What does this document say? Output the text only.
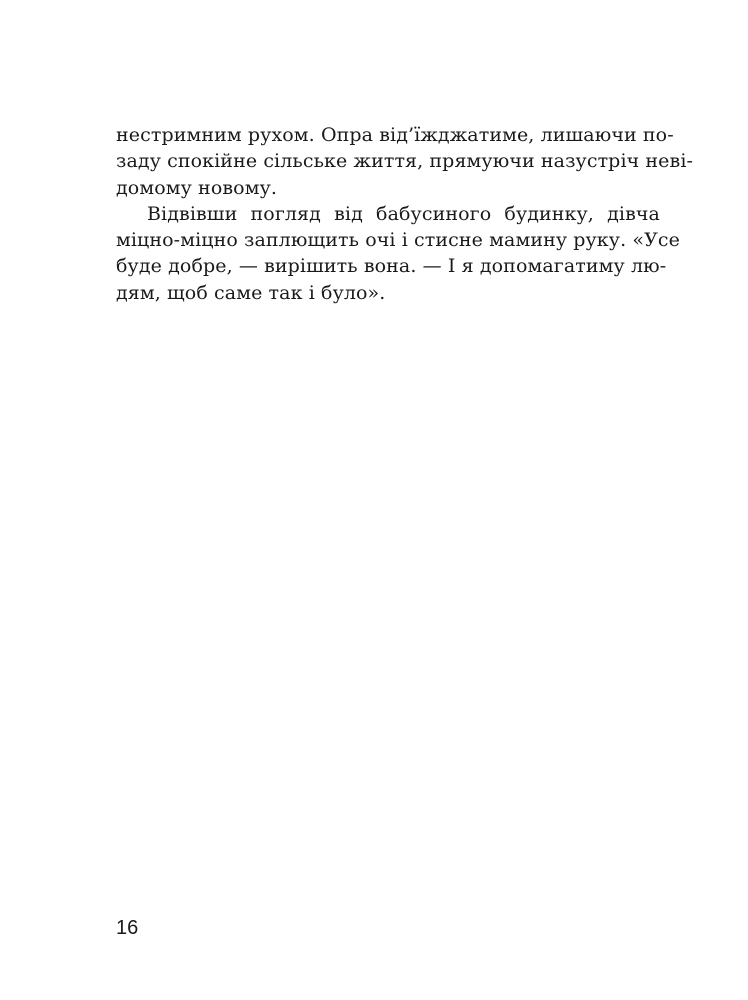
нестримним рухом. Опра від’їжджатиме, лишаючи по-
заду спокійне сільське життя, прямуючи назустріч неві-
домому новому.
Відвівши погляд від бабусиного будинку, дівча
міцно-міцно заплющить очі і стисне мамину руку. «Усе
буде добре, — вирішить вона. — І я допомагатиму лю-
дям, щоб саме так і було».
16
